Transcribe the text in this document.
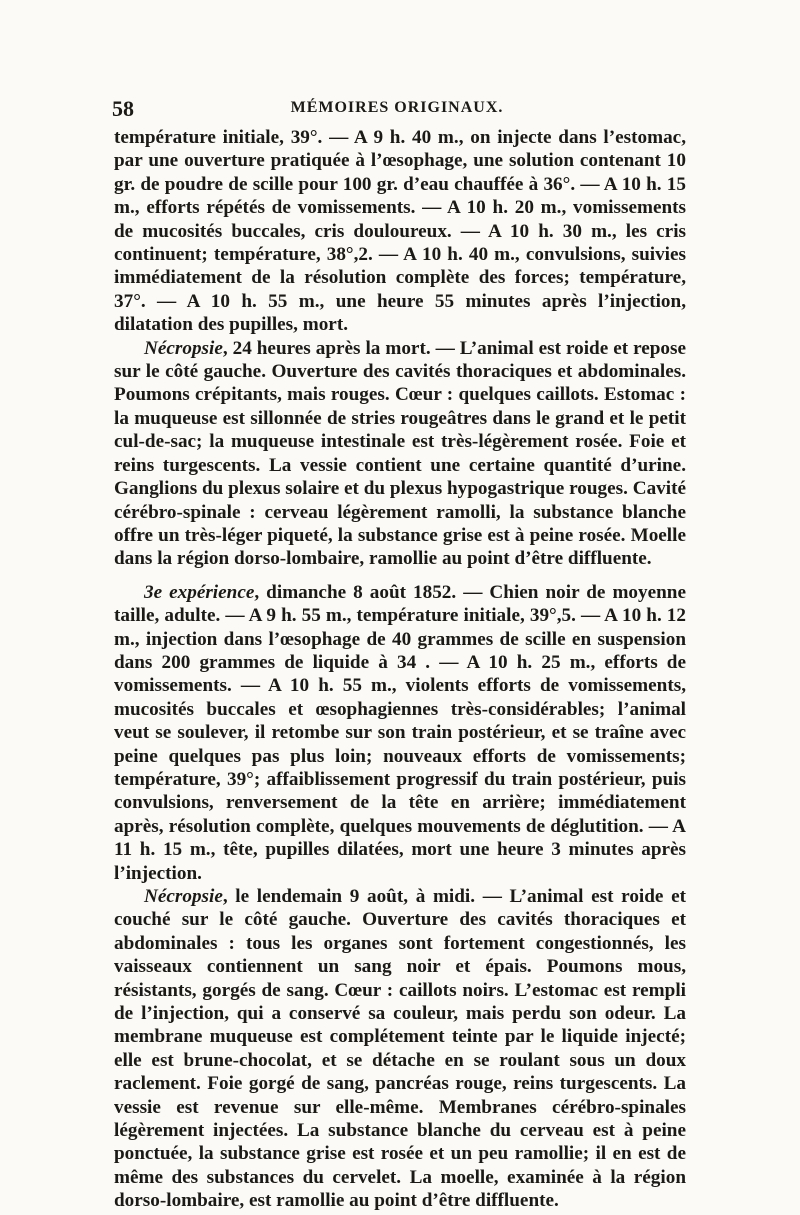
58	MÉMOIRES ORIGINAUX.

température initiale, 39°. — A 9 h. 40 m., on injecte dans l’estomac, par une ouverture pratiquée à l’œsophage, une solution contenant 10 gr. de poudre de scille pour 100 gr. d’eau chauffée à 36°. — A 10 h. 15 m., efforts répétés de vomissements. — A 10 h. 20 m., vomissements de mucosités buccales, cris douloureux. — A 10 h. 30 m., les cris continuent; température, 38°,2. — A 10 h. 40 m., convulsions, suivies immédiatement de la résolution complète des forces; température, 37°. — A 10 h. 55 m., une heure 55 minutes après l’injection, dilatation des pupilles, mort.

Nécropsie, 24 heures après la mort. — L’animal est roide et repose sur le côté gauche. Ouverture des cavités thoraciques et abdominales. Poumons crépitants, mais rouges. Cœur : quelques caillots. Estomac : la muqueuse est sillonnée de stries rougeâtres dans le grand et le petit cul-de-sac; la muqueuse intestinale est très-légèrement rosée. Foie et reins turgescents. La vessie contient une certaine quantité d’urine. Ganglions du plexus solaire et du plexus hypogastrique rouges. Cavité cérébro-spinale : cerveau légèrement ramolli, la substance blanche offre un très-léger piqueté, la substance grise est à peine rosée. Moelle dans la région dorso-lombaire, ramollie au point d’être diffluente.

3e expérience, dimanche 8 août 1852. — Chien noir de moyenne taille, adulte. — A 9 h. 55 m., température initiale, 39°,5. — A 10 h. 12 m., injection dans l’œsophage de 40 grammes de scille en suspension dans 200 grammes de liquide à 34 . — A 10 h. 25 m., efforts de vomissements. — A 10 h. 55 m., violents efforts de vomissements, mucosités buccales et œsophagiennes très-considérables; l’animal veut se soulever, il retombe sur son train postérieur, et se traîne avec peine quelques pas plus loin; nouveaux efforts de vomissements; température, 39°; affaiblissement progressif du train postérieur, puis convulsions, renversement de la tête en arrière; immédiatement après, résolution complète, quelques mouvements de déglutition. — A 11 h. 15 m., tête, pupilles dilatées, mort une heure 3 minutes après l’injection.

Nécropsie, le lendemain 9 août, à midi. — L’animal est roide et couché sur le côté gauche. Ouverture des cavités thoraciques et abdominales : tous les organes sont fortement congestionnés, les vaisseaux contiennent un sang noir et épais. Poumons mous, résistants, gorgés de sang. Cœur : caillots noirs. L’estomac est rempli de l’injection, qui a conservé sa couleur, mais perdu son odeur. La membrane muqueuse est complétement teinte par le liquide injecté; elle est brune-chocolat, et se détache en se roulant sous un doux raclement. Foie gorgé de sang, pancréas rouge, reins turgescents. La vessie est revenue sur elle-même. Membranes cérébro-spinales légèrement injectées. La substance blanche du cerveau est à peine ponctuée, la substance grise est rosée et un peu ramollie; il en est de même des substances du cervelet. La moelle, examinée à la région dorso-lombaire, est ramollie au point d’être diffluente.
